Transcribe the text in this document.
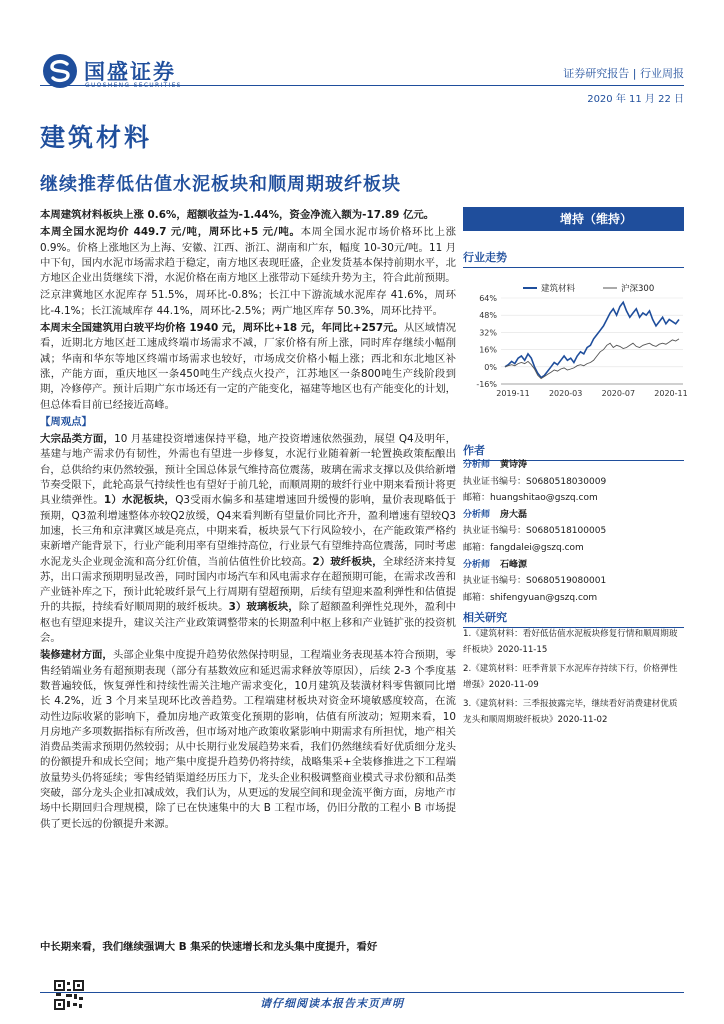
国盛证券	证券研究报告 | 行业周报
2020 年 11 月 22 日
建筑材料
继续推荐低估值水泥板块和顺周期玻纤板块

本周建筑材料板块上涨 0.6%，超额收益为-1.44%，资金净流入额为-17.89 亿元。

本周全国水泥均价 449.7 元/吨，周环比+5 元/吨。本周全国水泥市场价格环比上涨 0.9%。价格上涨地区为上海、安徽、江西、浙江、湖南和广东，幅度 10-30元/吨。11 月中下旬，国内水泥市场需求趋于稳定，南方地区表现旺盛，企业发货基本保持前期水平，北方地区企业出货继续下滑，水泥价格在南方地区上涨带动下延续升势为主，符合此前预期。

泛京津冀地区水泥库存 51.5%，周环比-0.8%；长江中下游流域水泥库存 41.6%，周环比-4.1%；长江流域库存 44.1%，周环比-2.5%；两广地区库存 50.3%，周环比持平。

本周末全国建筑用白玻平均价格 1940 元，周环比+18 元，年同比+257元。从区域情况看，近期北方地区赶工速成终端市场需求不减，厂家价格有所上涨，同时库存继续小幅削减；华南和华东等地区终端市场需求也较好，市场成交价格小幅上涨；西北和东北地区补涨，产能方面，重庆地区一条450吨生产线点火投产，江苏地区一条800吨生产线阶段到期，冷修停产。预计后期广东市场还有一定的产能变化，福建等地区也有产能变化的计划，但总体看目前已经接近高峰。

【周观点】

大宗品类方面，10 月基建投资增速保持平稳，地产投资增速依然强劲，展望 Q4及明年，基建与地产需求仍有韧性，外需也有望进一步修复，水泥行业随着新一轮置换政策酝酿出台，总供给约束仍然较强，预计全国总体景气维持高位震荡，玻璃在需求支撑以及供给新增节奏受限下，此轮高景气持续性也有望好于前几轮，而顺周期的玻纤行业中期来看预计将更具业绩弹性。1）水泥板块，Q3受雨水偏多和基建增速回升缓慢的影响，量价表现略低于预期，Q3盈利增速整体亦较Q2放缓，Q4来看判断有望量价同比齐升，盈利增速有望较Q3加速，长三角和京津冀区域是亮点，中期来看，板块景气下行风险较小，在产能政策严格约束新增产能背景下，行业产能利用率有望维持高位，行业景气有望维持高位震荡，同时考虑水泥龙头企业现金流和高分红价值，当前估值性价比较高。2）玻纤板块，全球经济来持复苏，出口需求预期明显改善，同时国内市场汽车和风电需求存在超预期可能，在需求改善和产业链补库之下，预计此轮玻纤景气上行周期有望超预期，后续有望迎来盈利弹性和估值提升的共振，持续看好顺周期的玻纤板块。3）玻璃板块，除了超额盈利弹性兑现外，盈利中枢也有望迎来提升，建议关注产业政策调整带来的长期盈利中枢上移和产业链扩张的投资机会。

装修建材方面，头部企业集中度提升趋势依然保持明显，工程端业务表现基本符合预期，零售经销端业务有超预期表现（部分有基数效应和延迟需求释放等原因），后续 2-3 个季度基数普遍较低，恢复弹性和持续性需关注地产需求变化，10月建筑及装潢材料零售额同比增长 4.2%，近 3 个月来呈现环比改善趋势。工程端建材板块对资金环境敏感度较高，在流动性边际收紧的影响下，叠加房地产政策变化预期的影响，估值有所波动；短期来看，10月房地产多项数据指标有所改善，但市场对地产政策收紧影响中期需求有所担忧，地产相关消费品类需求预期仍然较弱；从中长期行业发展趋势来看，我们仍然继续看好优质细分龙头的份额提升和成长空间；地产集中度提升趋势仍将持续，战略集采+全装修推进之下工程端放量势头仍将延续；零售经销渠道经历压力下，龙头企业积极调整商业模式寻求份额和品类突破，部分龙头企业扣减成效，我们认为，从更远的发展空间和现金流平衡方面，房地产市场中长期回归合理规模，除了已在快速集中的大 B 工程市场，仍旧分散的工程小 B 市场提供了更长远的份额提升来源。

中长期来看，我们继续强调大 B 集采的快速增长和龙头集中度提升，看好
增持（维持）
行业走势
64%
48%
32%
16%
0%
-16%
2019-11 2020-03 2020-07 2020-11
建筑材料	沪深300
作者
分析师 黄诗涛
执业证书编号：S0680518030009
邮箱：huangshitao@gszq.com
分析师 房大磊
执业证书编号：S0680518100005
邮箱：fangdalei@gszq.com
分析师 石峰源
执业证书编号：S0680519080001
邮箱：shifengyuan@gszq.com
相关研究
1.《建筑材料：看好低估值水泥板块修复行情和顺周期玻纤板块》2020-11-15
2.《建筑材料：旺季背景下水泥库存持续下行，价格弹性增强》2020-11-09
3.《建筑材料：三季报披露完毕，继续看好消费建材优质龙头和顺周期玻纤板块》2020-11-02
请仔细阅读本报告末页声明
